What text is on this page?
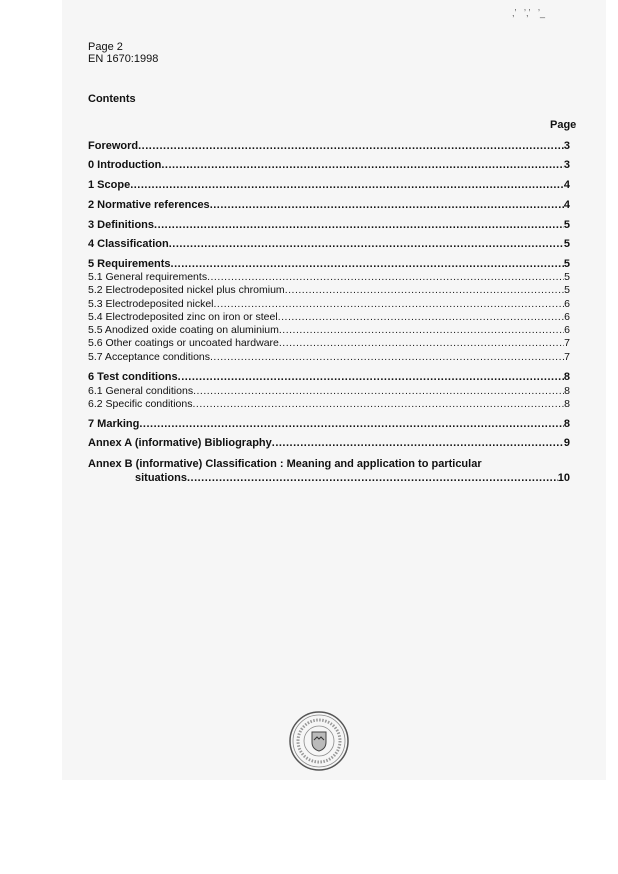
Page 2
EN 1670:1998
Contents
Page
Foreword .....	3
0 Introduction .....	3
1 Scope .....	4
2 Normative references .....	4
3 Definitions .....	5
4 Classification .....	5
5 Requirements .....	5
5.1 General requirements .....	5
5.2 Electrodeposited nickel plus chromium .....	5
5.3 Electrodeposited nickel .....	6
5.4 Electrodeposited zinc on iron or steel .....	6
5.5 Anodized oxide coating on aluminium .....	6
5.6 Other coatings or uncoated hardware .....	7
5.7 Acceptance conditions .....	7
6 Test conditions .....	8
6.1 General conditions .....	8
6.2 Specific conditions .....	8
7 Marking .....	8
Annex A (informative) Bibliography .....	9
Annex B (informative) Classification : Meaning and application to particular
situations .....	10
,ʼ   ʼ,ʼ   ʼ_
